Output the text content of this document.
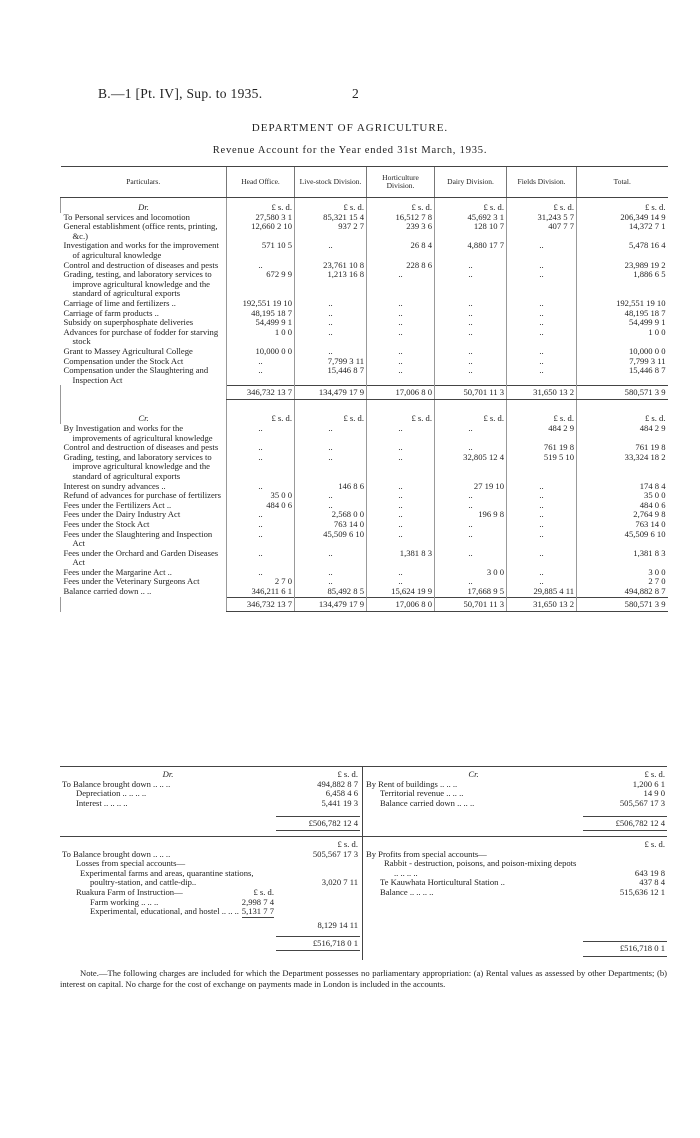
B.—1 [Pt. IV], Sup. to 1935.	2
DEPARTMENT OF AGRICULTURE.
Revenue Account for the Year ended 31st March, 1935.
Particulars.	Head Office.	Live-stock Division.	Horticulture Division.	Dairy Division.	Fields Division.	Total.
Dr.	£ s. d.	£ s. d.	£ s. d.	£ s. d.	£ s. d.	£ s. d.
To Personal services and locomotion	27,580 3 1	85,321 15 4	16,512 7 8	45,692 3 1	31,243 5 7	206,349 14 9
General establishment (office rents, printing, &c.)	12,660 2 10	937 2 7	239 3 6	128 10 7	407 7 7	14,372 7 1
Investigation and works for the improvement of agricultural knowledge	571 10 5	..	26 8 4	4,880 17 7	..	5,478 16 4
Control and destruction of diseases and pests	..	23,761 10 8	228 8 6	..	..	23,989 19 2
Grading, testing, and laboratory services to improve agricultural knowledge and the standard of agricultural exports	672 9 9	1,213 16 8	..	..	..	1,886 6 5
Carriage of lime and fertilizers ..	192,551 19 10	..	..	..	..	192,551 19 10
Carriage of farm products ..	48,195 18 7	..	..	..	..	48,195 18 7
Subsidy on superphosphate deliveries	54,499 9 1	..	..	..	..	54,499 9 1
Advances for purchase of fodder for starving stock	1 0 0	..	..	..	..	1 0 0
Grant to Massey Agricultural College	10,000 0 0	..	..	..	..	10,000 0 0
Compensation under the Stock Act	..	7,799 3 11	..	..	..	7,799 3 11
Compensation under the Slaughtering and Inspection Act	..	15,446 8 7	..	..	..	15,446 8 7
	346,732 13 7	134,479 17 9	17,006 8 0	50,701 11 3	31,650 13 2	580,571 3 9
Cr.	£ s. d.	£ s. d.	£ s. d.	£ s. d.	£ s. d.	£ s. d.
By Investigation and works for the improvements of agricultural knowledge	..	..	..	..	484 2 9	484 2 9
Control and destruction of diseases and pests	..	..	..	..	761 19 8	761 19 8
Grading, testing, and laboratory services to improve agricultural knowledge and the standard of agricultural exports	..	..	..	32,805 12 4	519 5 10	33,324 18 2
Interest on sundry advances ..	..	146 8 6	..	27 19 10	..	174 8 4
Refund of advances for purchase of fertilizers	35 0 0	..	..	..	..	35 0 0
Fees under the Fertilizers Act ..	484 0 6	..	..	..	..	484 0 6
Fees under the Dairy Industry Act	..	2,568 0 0	..	196 9 8	..	2,764 9 8
Fees under the Stock Act	..	763 14 0	..	..	..	763 14 0
Fees under the Slaughtering and Inspection Act	..	45,509 6 10	..	..	..	45,509 6 10
Fees under the Orchard and Garden Diseases Act	..	..	1,381 8 3	..	..	1,381 8 3
Fees under the Margarine Act ..	..	..	..	3 0 0	..	3 0 0
Fees under the Veterinary Surgeons Act	2 7 0	..	..	..	..	2 7 0
Balance carried down .. ..	346,211 6 1	85,492 8 5	15,624 19 9	17,668 9 5	29,885 4 11	494,882 8 7
	346,732 13 7	134,479 17 9	17,006 8 0	50,701 11 3	31,650 13 2	580,571 3 9
Dr.	£ s. d.
To Balance brought down .. .. ..	494,882 8 7
Depreciation .. .. .. ..	6,458 4 6
Interest .. .. .. ..	5,441 19 3

	£506,782 12 4
Cr.	£ s. d.
By Rent of buildings .. .. ..	1,200 6 1
Territorial revenue .. .. ..	14 9 0
Balance carried down .. .. ..	505,567 17 3

	£506,782 12 4
	£ s. d.
To Balance brought down .. .. ..	505,567 17 3
Losses from special accounts—	
Experimental farms and areas, quarantine stations, poultry-station, and cattle-dip..	3,020 7 11
Ruakura Farm of Instruction— £ s. d.	

Farm working .. .. .. 2,998 7 4	

Experimental, educational, and hostel .. .. .. 5,131 7 7	

	8,129 14 11

	£516,718 0 1
	£ s. d.
By Profits from special accounts—	
Rabbit - destruction, poisons, and poison-mixing depots .. .. .. ..	643 19 8
Te Kauwhata Horticultural Station ..	437 8 4
Balance .. .. .. ..	515,636 12 1

	£516,718 0 1
Note.—The following charges are included for which the Department possesses no parliamentary appropriation: (a) Rental values as assessed by other Departments; (b) interest on capital. No charge for the cost of exchange on payments made in London is included in the accounts.
